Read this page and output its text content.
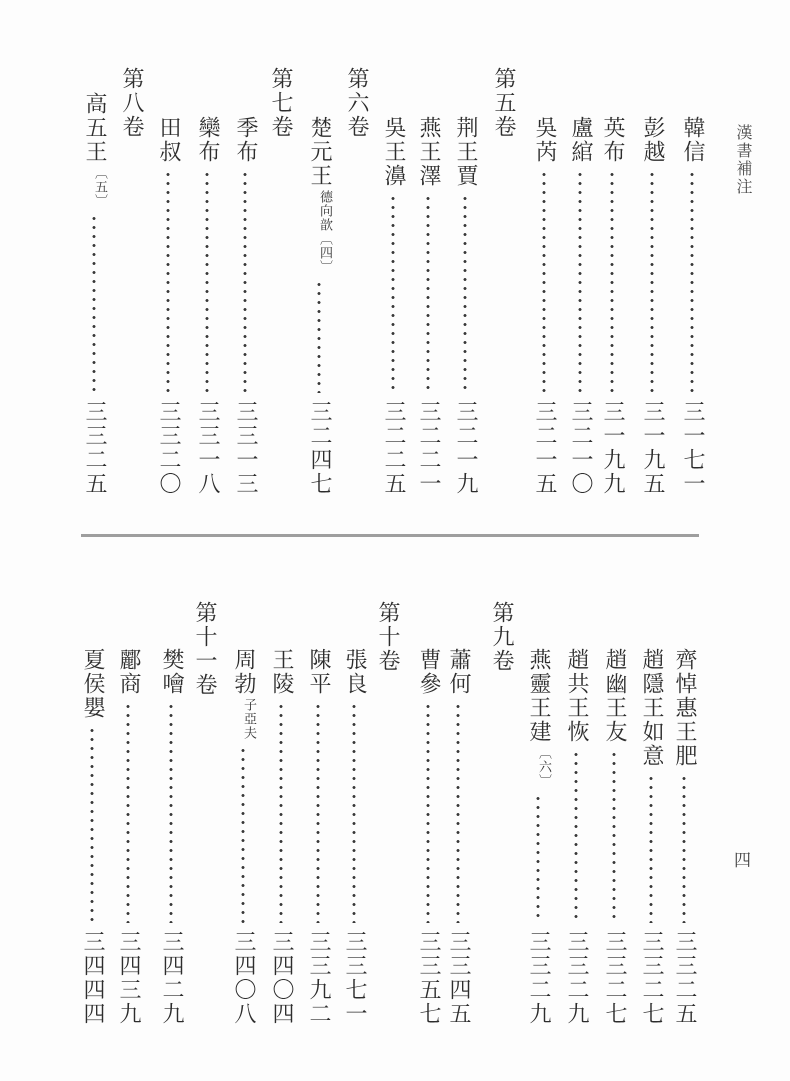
漢書補注
韓信
三一七一
彭越
三一九五
英布
三一九九
盧綰
三二一〇
吳芮
三二一五
第五卷
荆王賈
三二一九
燕王澤
三二二一
吳王濞
三二二五
第六卷
楚元王
德向歆〔四〕
三二四七
第七卷
季布
三三一三
欒布
三三一八
田叔
三三二〇
第八卷
高五王
〔五〕
三三二五
齊悼惠王肥
三三二五
趙隱王如意
三三二七
趙幽王友
三三二七
趙共王恢
三三二九
燕靈王建
〔六〕
三三二九
第九卷
蕭何
三三四五
曹參
三三五七
第十卷
張良
三三七一
陳平
三三九二
王陵
三四〇四
周勃
子亞夫
三四〇八
第十一卷
樊噲
三四二九
酈商
三四三九
夏侯嬰
三四四四
四
